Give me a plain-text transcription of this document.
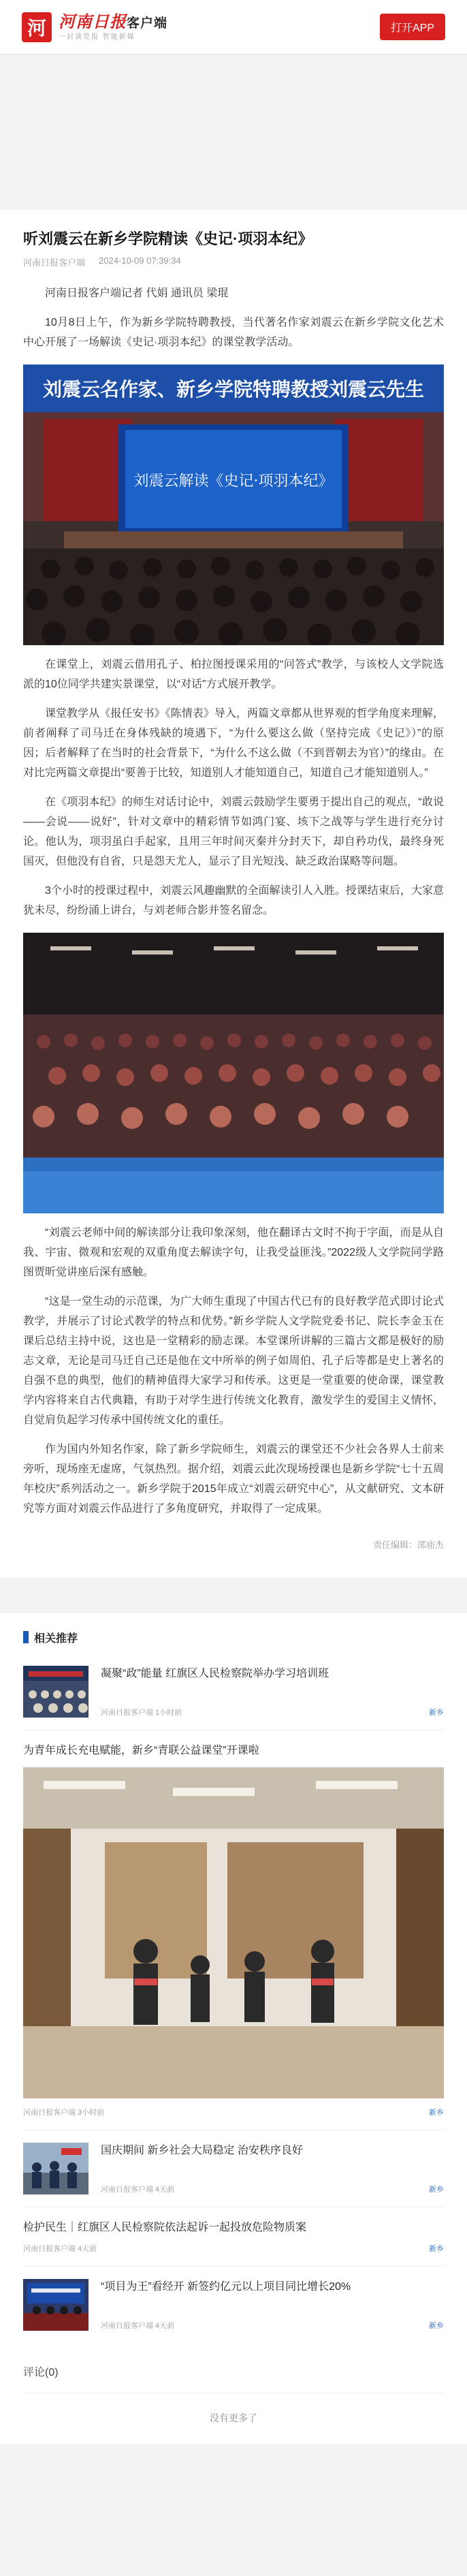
河 河南日报客户端
一封谈党报 智能新媒
打开APP
听刘震云在新乡学院精读《史记·项羽本纪》
河南日报客户端 2024-10-09 07:39:34

河南日报客户端记者 代娟 通讯员 梁琨

10月8日上午，作为新乡学院特聘教授，当代著名作家刘震云在新乡学院文化艺术中心开展了一场解读《史记·项羽本纪》的课堂教学活动。

刘震云名作家、新乡学院特聘教授刘震云先生
刘震云解读《史记·项羽本纪》

在课堂上，刘震云借用孔子、柏拉图授课采用的“问答式”教学，与该校人文学院选派的10位同学共建实景课堂，以“对话”方式展开教学。

课堂教学从《报任安书》《陈情表》导入，两篇文章都从世界观的哲学角度来理解，前者阐释了司马迁在身体残缺的境遇下，“为什么要这么做（坚持完成《史记》）”的原因；后者解释了在当时的社会背景下，“为什么不这么做（不到晋朝去为官）”的缘由。在对比完两篇文章提出“要善于比较，知道别人才能知道自己，知道自己才能知道别人。”

在《项羽本纪》的师生对话讨论中，刘震云鼓励学生要勇于提出自己的观点，“敢说——会说——说好”，针对文章中的精彩情节如鸿门宴、垓下之战等与学生进行充分讨论。他认为，项羽虽白手起家，且用三年时间灭秦并分封天下，却自矜功伐，最终身死国灭，但他没有自省，只是怨天尤人，显示了目光短浅、缺乏政治谋略等问题。

3个小时的授课过程中，刘震云风趣幽默的全面解读引人入胜。授课结束后，大家意犹未尽，纷纷涌上讲台，与刘老师合影并签名留念。

“刘震云老师中间的解读部分让我印象深刻，他在翻译古文时不拘于字面，而是从自我、宇宙、微观和宏观的双重角度去解读字句，让我受益匪浅。”2022级人文学院同学路图贾昕觉讲座后深有感触。

“这是一堂生动的示范课，为广大师生重现了中国古代已有的良好教学范式即讨论式教学，并展示了讨论式教学的特点和优势。”新乡学院人文学院党委书记、院长李金玉在课后总结主持中说，这也是一堂精彩的励志课。本堂课所讲解的三篇古文都是极好的励志文章，无论是司马迁自己还是他在文中所举的例子如周伯、孔子后等都是史上著名的自强不息的典型，他们的精神值得大家学习和传承。这更是一堂重要的使命课，课堂教学内容将来自古代典籍，有助于对学生进行传统文化教育，激发学生的爱国主义情怀，自觉肩负起学习传承中国传统文化的重任。

作为国内外知名作家，除了新乡学院师生，刘震云的课堂还不少社会各界人士前来旁听，现场座无虚席，气氛热烈。据介绍，刘震云此次现场授课也是新乡学院“七十五周年校庆”系列活动之一。新乡学院于2015年成立“刘震云研究中心”，从文献研究、文本研究等方面对刘震云作品进行了多角度研究，并取得了一定成果。

责任编辑：邵庙杰
相关推荐
凝聚“政”能量 红旗区人民检察院举办学习培训班
河南日报客户端 1小时前	新乡
为青年成长充电赋能，新乡“青联公益课堂”开课啦
河南日报客户端 3小时前	新乡
国庆期间 新乡社会大局稳定 治安秩序良好
河南日报客户端 4天前	新乡
检护民生｜红旗区人民检察院依法起诉一起投放危险物质案
河南日报客户端 4天前	新乡
“项目为王”看经开 新签约亿元以上项目同比增长20%
河南日报客户端 4天前	新乡
评论(0)
没有更多了
